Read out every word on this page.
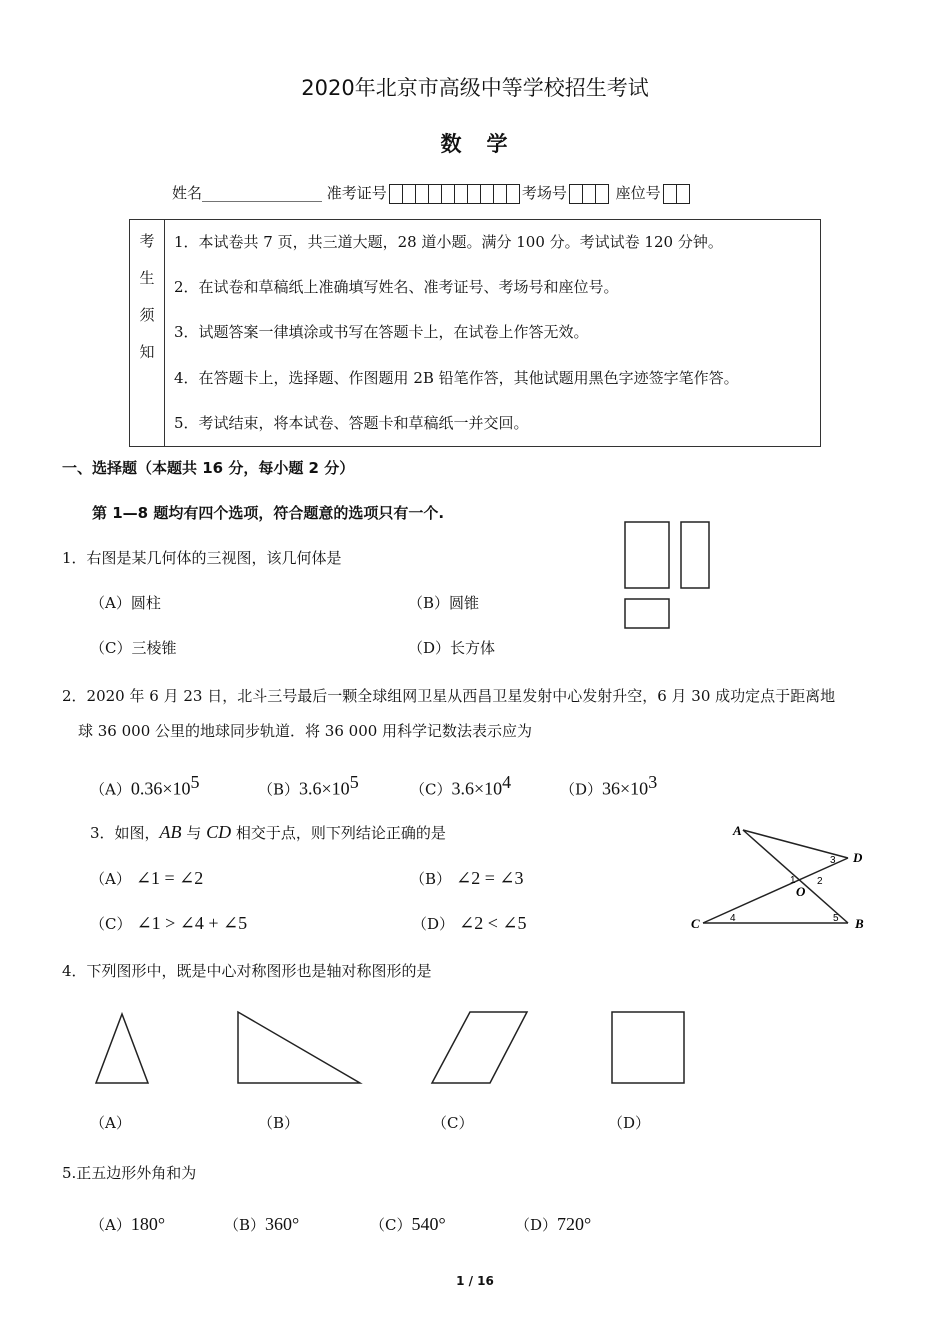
2020年北京市高级中等学校招生考试
数　学
姓名________________ 准考证号	考场号	座位号
考
生
须
知
1．本试卷共 7 页，共三道大题，28 道小题。满分 100 分。考试试卷 120 分钟。
2．在试卷和草稿纸上准确填写姓名、准考证号、考场号和座位号。
3．试题答案一律填涂或书写在答题卡上，在试卷上作答无效。
4．在答题卡上，选择题、作图题用 2B 铅笔作答，其他试题用黑色字迹签字笔作答。
5．考试结束，将本试卷、答题卡和草稿纸一并交回。
一、选择题（本题共 16 分，每小题 2 分）
第 1—8 题均有四个选项，符合题意的选项只有一个.
1．右图是某几何体的三视图，该几何体是
（A）圆柱	（B）圆锥
（C）三棱锥	（D）长方体
2．2020 年 6 月 23 日，北斗三号最后一颗全球组网卫星从西昌卫星发射中心发射升空，6 月 30 成功定点于距离地
球 36 000 公里的地球同步轨道．将 36 000 用科学记数法表示应为
$(A)0.36\times 10^5$	$(B)3.6\times 10^5$	$(C)3.6\times 10^4$	$(D)36\times 10^3$
3．如图，AB 与 CD 相交于点，则下列结论正确的是
（A） ∠1 = ∠2	（B） ∠2 = ∠3
（C） ∠1 > ∠4 + ∠5	（D） ∠2 < ∠5
A
D
C	B
O
1 2
3
4	5
4．下列图形中，既是中心对称图形也是轴对称图形的是
（A）	（B）	（C）	（D）
5.正五边形外角和为
（A）180°	（B）360°	（C）540°	（D）720°
1 / 16
